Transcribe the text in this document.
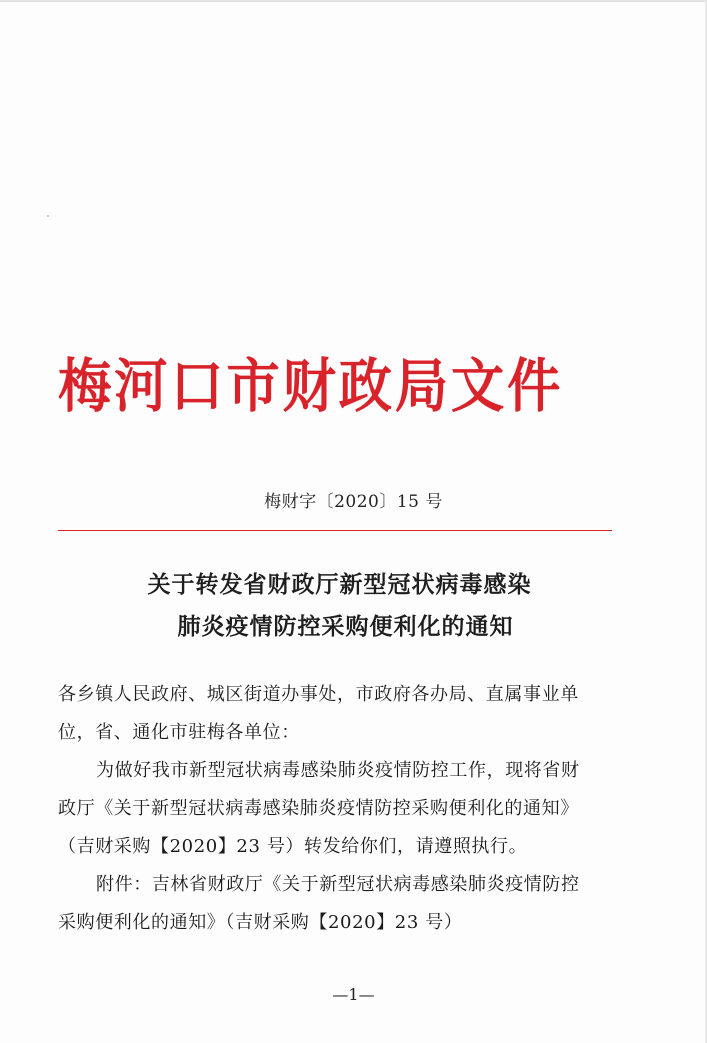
梅河口市财政局文件
梅财字〔2020〕15 号
关于转发省财政厅新型冠状病毒感染
肺炎疫情防控采购便利化的通知
各乡镇人民政府、城区街道办事处，市政府各办局、直属事业单
位，省、通化市驻梅各单位：
为做好我市新型冠状病毒感染肺炎疫情防控工作，现将省财
政厅《关于新型冠状病毒感染肺炎疫情防控采购便利化的通知》
（吉财采购【2020】23 号）转发给你们，请遵照执行。
附件：吉林省财政厅《关于新型冠状病毒感染肺炎疫情防控
采购便利化的通知》（吉财采购【2020】23 号）
—1—
